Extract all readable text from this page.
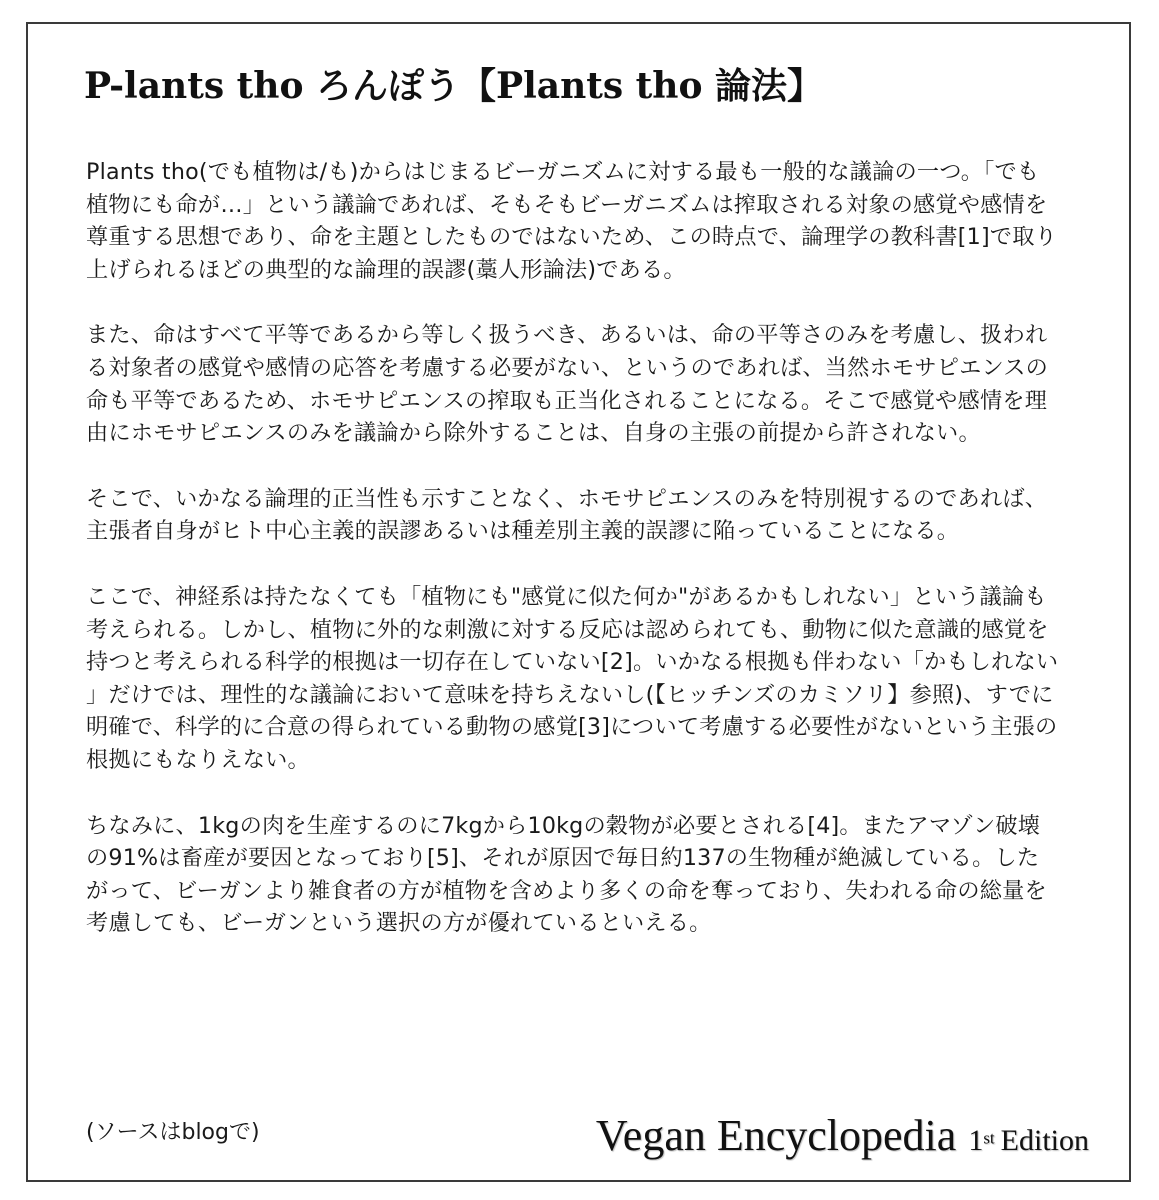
P-lants tho ろんぽう【Plants tho 論法】

Plants tho(でも植物は/も)からはじまるビーガニズムに対する最も一般的な議論の一つ。「でも植物にも命が…」という議論であれば、そもそもビーガニズムは搾取される対象の感覚や感情を尊重する思想であり、命を主題としたものではないため、この時点で、論理学の教科書[1]で取り上げられるほどの典型的な論理的誤謬(藁人形論法)である。

また、命はすべて平等であるから等しく扱うべき、あるいは、命の平等さのみを考慮し、扱われる対象者の感覚や感情の応答を考慮する必要がない、というのであれば、当然ホモサピエンスの命も平等であるため、ホモサピエンスの搾取も正当化されることになる。そこで感覚や感情を理由にホモサピエンスのみを議論から除外することは、自身の主張の前提から許されない。

そこで、いかなる論理的正当性も示すことなく、ホモサピエンスのみを特別視するのであれば、主張者自身がヒト中心主義的誤謬あるいは種差別主義的誤謬に陥っていることになる。

ここで、神経系は持たなくても「植物にも"感覚に似た何か"があるかもしれない」という議論も考えられる。しかし、植物に外的な刺激に対する反応は認められても、動物に似た意識的感覚を持つと考えられる科学的根拠は一切存在していない[2]。いかなる根拠も伴わない「かもしれない」だけでは、理性的な議論において意味を持ちえないし(【ヒッチンズのカミソリ】参照)、すでに明確で、科学的に合意の得られている動物の感覚[3]について考慮する必要性がないという主張の根拠にもなりえない。

ちなみに、1kgの肉を生産するのに7kgから10kgの穀物が必要とされる[4]。またアマゾン破壊の91%は畜産が要因となっており[5]、それが原因で毎日約137の生物種が絶滅している。したがって、ビーガンより雑食者の方が植物を含めより多くの命を奪っており、失われる命の総量を考慮しても、ビーガンという選択の方が優れているといえる。

(ソースはblogで)	Vegan Encyclopedia 1st Edition
